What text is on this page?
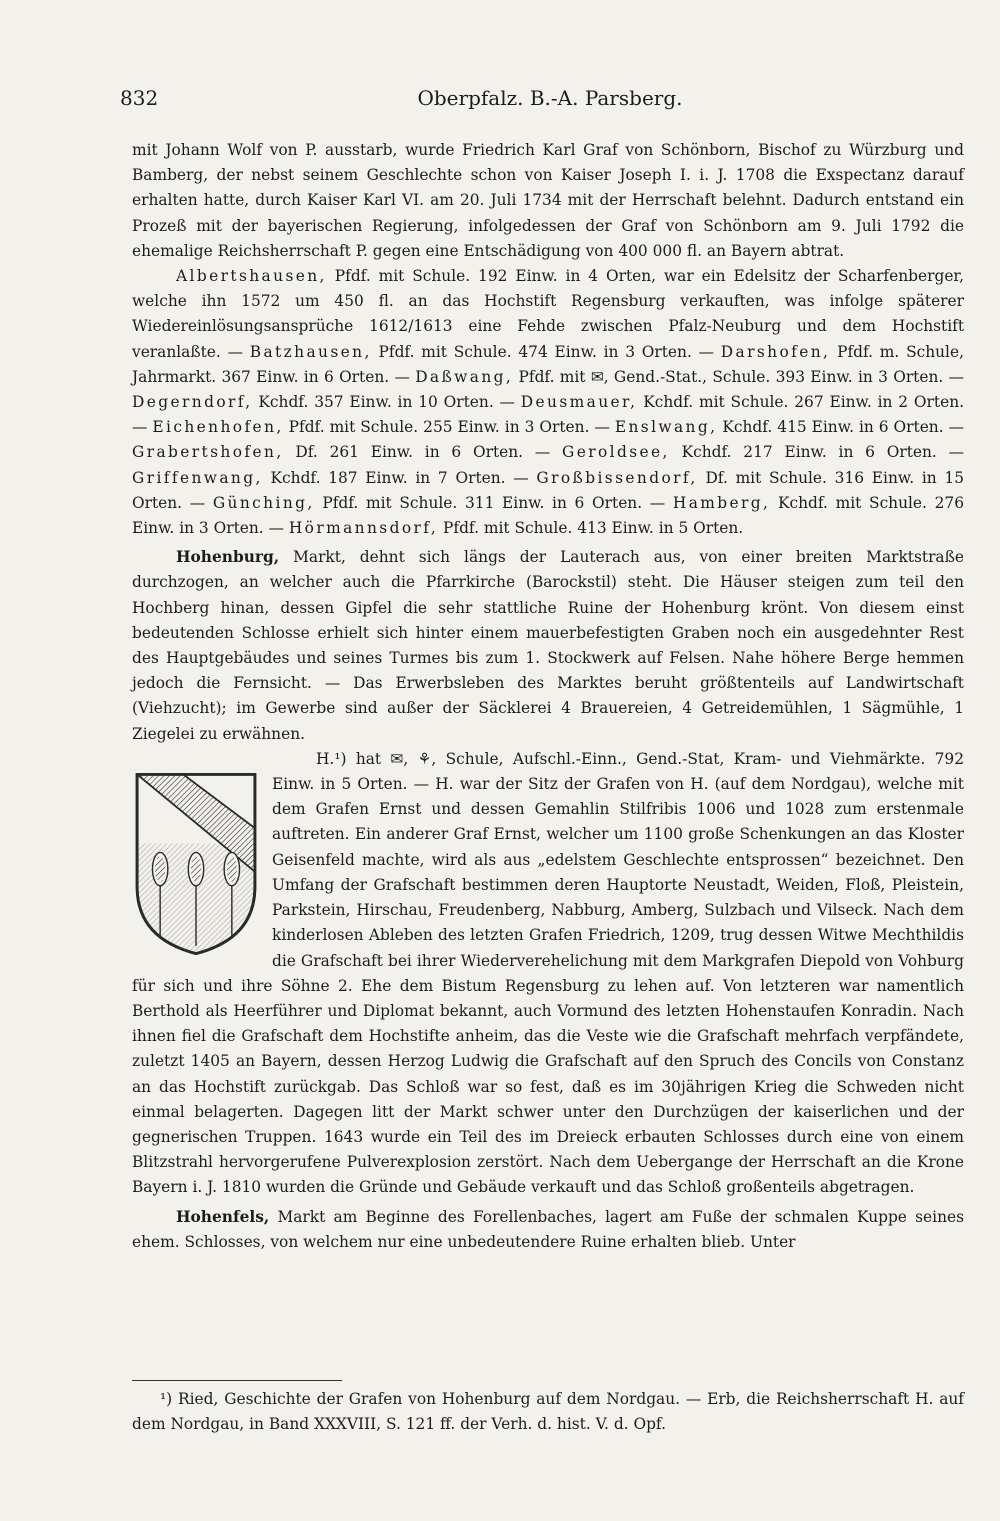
832	Oberpfalz. B.-A. Parsberg.

mit Johann Wolf von P. ausstarb, wurde Friedrich Karl Graf von Schönborn, Bischof zu Würzburg und Bamberg, der nebst seinem Geschlechte schon von Kaiser Joseph I. i. J. 1708 die Exspectanz darauf erhalten hatte, durch Kaiser Karl VI. am 20. Juli 1734 mit der Herrschaft belehnt. Dadurch entstand ein Prozeß mit der bayerischen Regierung, infolgedessen der Graf von Schönborn am 9. Juli 1792 die ehemalige Reichsherrschaft P. gegen eine Entschädigung von 400 000 fl. an Bayern abtrat.

Albertshausen, Pfdf. mit Schule. 192 Einw. in 4 Orten, war ein Edelsitz der Scharfenberger, welche ihn 1572 um 450 fl. an das Hochstift Regensburg verkauften, was infolge späterer Wiedereinlösungsansprüche 1612/1613 eine Fehde zwischen Pfalz-Neuburg und dem Hochstift veranlaßte. — Batzhausen, Pfdf. mit Schule. 474 Einw. in 3 Orten. — Darshofen, Pfdf. m. Schule, Jahrmarkt. 367 Einw. in 6 Orten. — Daßwang, Pfdf. mit ✉, Gend.-Stat., Schule. 393 Einw. in 3 Orten. — Degerndorf, Kchdf. 357 Einw. in 10 Orten. — Deusmauer, Kchdf. mit Schule. 267 Einw. in 2 Orten. — Eichenhofen, Pfdf. mit Schule. 255 Einw. in 3 Orten. — Enslwang, Kchdf. 415 Einw. in 6 Orten. — Grabertshofen, Df. 261 Einw. in 6 Orten. — Geroldsee, Kchdf. 217 Einw. in 6 Orten. — Griffenwang, Kchdf. 187 Einw. in 7 Orten. — Großbissendorf, Df. mit Schule. 316 Einw. in 15 Orten. — Günching, Pfdf. mit Schule. 311 Einw. in 6 Orten. — Hamberg, Kchdf. mit Schule. 276 Einw. in 3 Orten. — Hörmannsdorf, Pfdf. mit Schule. 413 Einw. in 5 Orten.

Hohenburg, Markt, dehnt sich längs der Lauterach aus, von einer breiten Marktstraße durchzogen, an welcher auch die Pfarrkirche (Barockstil) steht. Die Häuser steigen zum teil den Hochberg hinan, dessen Gipfel die sehr stattliche Ruine der Hohenburg krönt. Von diesem einst bedeutenden Schlosse erhielt sich hinter einem mauerbefestigten Graben noch ein ausgedehnter Rest des Hauptgebäudes und seines Turmes bis zum 1. Stockwerk auf Felsen. Nahe höhere Berge hemmen jedoch die Fernsicht. — Das Erwerbsleben des Marktes beruht größtenteils auf Landwirtschaft (Viehzucht); im Gewerbe sind außer der Säcklerei 4 Brauereien, 4 Getreidemühlen, 1 Sägmühle, 1 Ziegelei zu erwähnen.

H.¹) hat ✉, ⚘, Schule, Aufschl.-Einn., Gend.-Stat, Kram- und Viehmärkte. 792 Einw. in 5 Orten. — H. war der Sitz der Grafen von H. (auf dem Nordgau), welche mit dem Grafen Ernst und dessen Gemahlin Stilfribis 1006 und 1028 zum erstenmale auftreten. Ein anderer Graf Ernst, welcher um 1100 große Schenkungen an das Kloster Geisenfeld machte, wird als aus „edelstem Geschlechte entsprossen“ bezeichnet. Den Umfang der Grafschaft bestimmen deren Hauptorte Neustadt, Weiden, Floß, Pleistein, Parkstein, Hirschau, Freudenberg, Nabburg, Amberg, Sulzbach und Vilseck. Nach dem kinderlosen Ableben des letzten Grafen Friedrich, 1209, trug dessen Witwe Mechthildis die Grafschaft bei ihrer Wiederverehelichung mit dem Markgrafen Diepold von Vohburg für sich und ihre Söhne 2. Ehe dem Bistum Regensburg zu lehen auf. Von letzteren war namentlich Berthold als Heerführer und Diplomat bekannt, auch Vormund des letzten Hohenstaufen Konradin. Nach ihnen fiel die Grafschaft dem Hochstifte anheim, das die Veste wie die Grafschaft mehrfach verpfändete, zuletzt 1405 an Bayern, dessen Herzog Ludwig die Grafschaft auf den Spruch des Concils von Constanz an das Hochstift zurückgab. Das Schloß war so fest, daß es im 30jährigen Krieg die Schweden nicht einmal belagerten. Dagegen litt der Markt schwer unter den Durchzügen der kaiserlichen und der gegnerischen Truppen. 1643 wurde ein Teil des im Dreieck erbauten Schlosses durch eine von einem Blitzstrahl hervorgerufene Pulverexplosion zerstört. Nach dem Uebergange der Herrschaft an die Krone Bayern i. J. 1810 wurden die Gründe und Gebäude verkauft und das Schloß großenteils abgetragen.

Hohenfels, Markt am Beginne des Forellenbaches, lagert am Fuße der schmalen Kuppe seines ehem. Schlosses, von welchem nur eine unbedeutendere Ruine erhalten blieb. Unter

¹) Ried, Geschichte der Grafen von Hohenburg auf dem Nordgau. — Erb, die Reichsherrschaft H. auf dem Nordgau, in Band XXXVIII, S. 121 ff. der Verh. d. hist. V. d. Opf.
